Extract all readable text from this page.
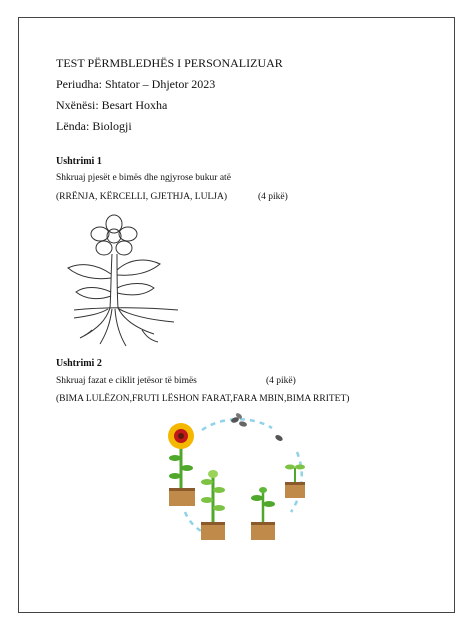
TEST PËRMBLEDHËS I PERSONALIZUAR
Periudha: Shtator – Dhjetor 2023
Nxënësi: Besart Hoxha
Lënda: Biologji
Ushtrimi 1
Shkruaj pjesët e bimës dhe ngjyrose bukur atë
(RRËNJA, KËRCELLI, GJETHJA, LULJA)	(4 pikë)
Ushtrimi 2
Shkruaj fazat e ciklit jetësor të bimës	(4 pikë)
(BIMA LULËZON,FRUTI LËSHON FARAT,FARA MBIN,BIMA RRITET)
